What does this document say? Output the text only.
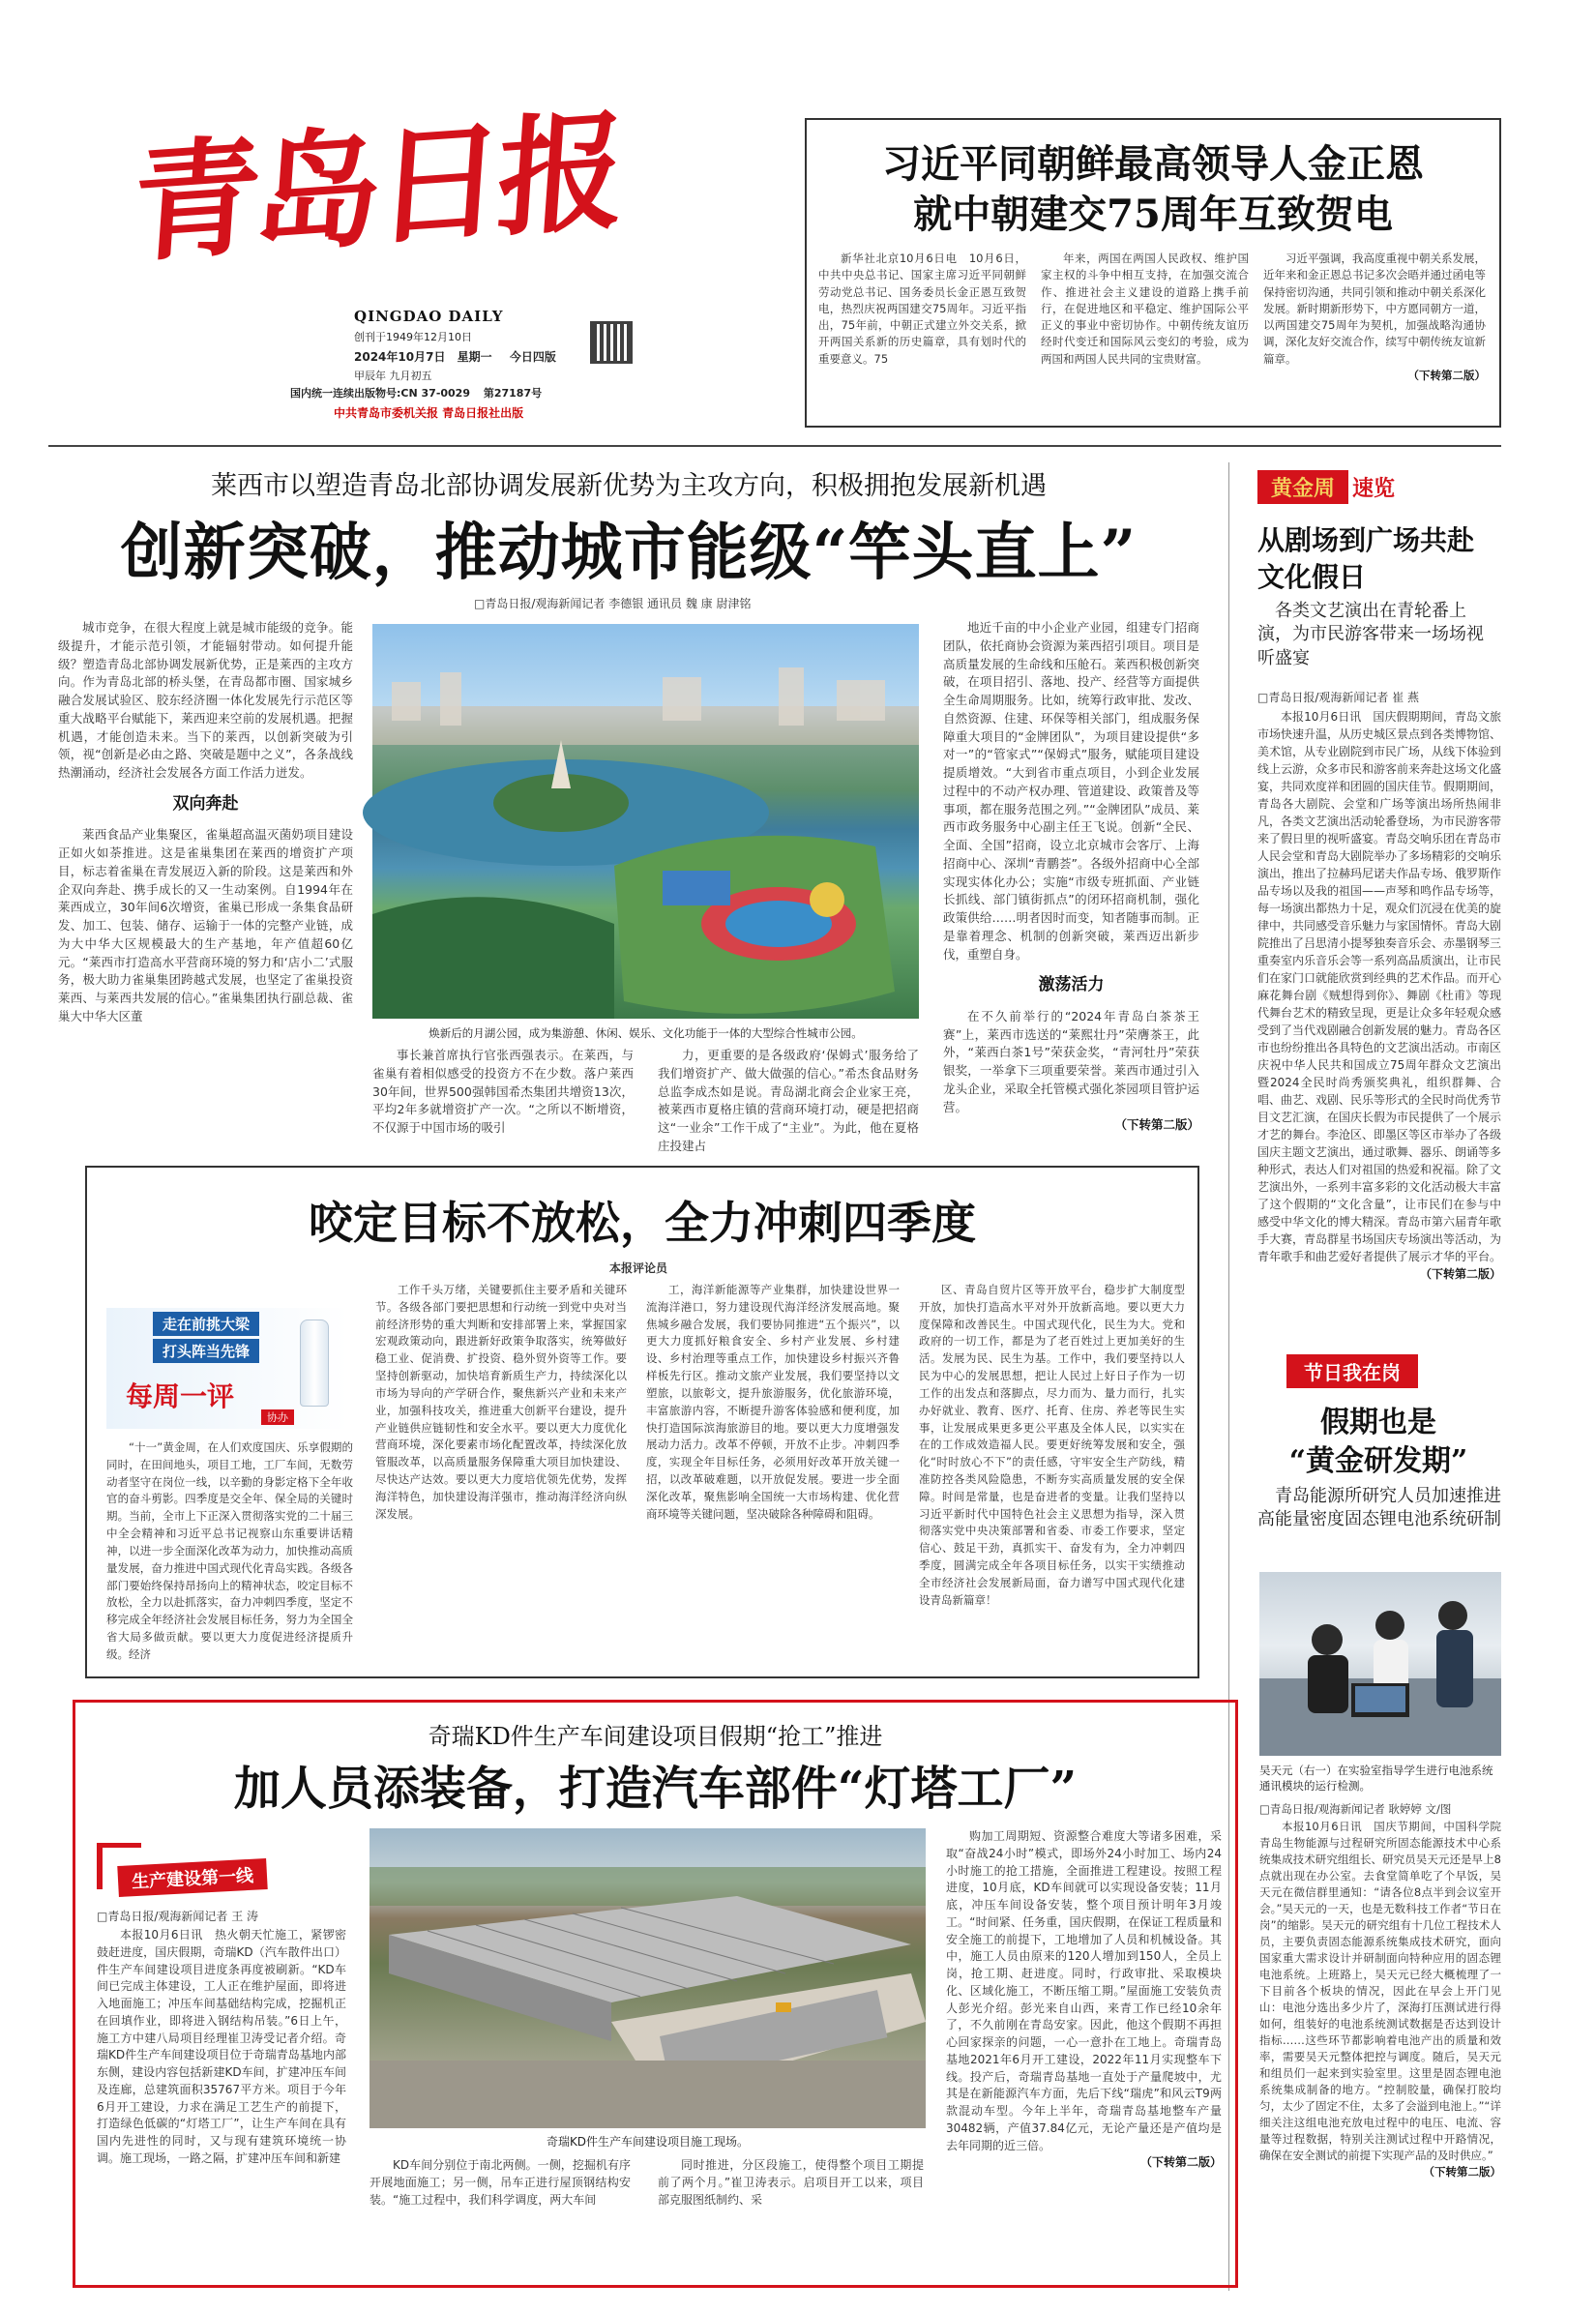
青岛日报
QINGDAO DAILY
创刊于1949年12月10日
2024年10月7日 星期一 今日四版
甲辰年 九月初五
国内统一连续出版物号:CN 37-0029 第27187号
中共青岛市委机关报 青岛日报社出版
习近平同朝鲜最高领导人金正恩
就中朝建交75周年互致贺电

新华社北京10月6日电　10月6日，中共中央总书记、国家主席习近平同朝鲜劳动党总书记、国务委员长金正恩互致贺电，热烈庆祝两国建交75周年。习近平指出，75年前，中朝正式建立外交关系，掀开两国关系新的历史篇章，具有划时代的重要意义。75

年来，两国在两国人民政权、维护国家主权的斗争中相互支持，在加强交流合作、推进社会主义建设的道路上携手前行，在促进地区和平稳定、维护国际公平正义的事业中密切协作。中朝传统友谊历经时代变迁和国际风云变幻的考验，成为两国和两国人民共同的宝贵财富。

习近平强调，我高度重视中朝关系发展，近年来和金正恩总书记多次会晤并通过函电等保持密切沟通，共同引领和推动中朝关系深化发展。新时期新形势下，中方愿同朝方一道，以两国建交75周年为契机，加强战略沟通协调，深化友好交流合作，续写中朝传统友谊新篇章。

（下转第二版）
莱西市以塑造青岛北部协调发展新优势为主攻方向，积极拥抱发展新机遇
创新突破，推动城市能级“竿头直上”
□青岛日报/观海新闻记者 李德银 通讯员 魏 康 尉津铭

城市竞争，在很大程度上就是城市能级的竞争。能级提升，才能示范引领，才能辐射带动。如何提升能级？塑造青岛北部协调发展新优势，正是莱西的主攻方向。作为青岛北部的桥头堡，在青岛都市圈、国家城乡融合发展试验区、胶东经济圈一体化发展先行示范区等重大战略平台赋能下，莱西迎来空前的发展机遇。把握机遇，才能创造未来。当下的莱西，以创新突破为引领，视“创新是必由之路、突破是题中之义”，各条战线热潮涌动，经济社会发展各方面工作活力迸发。

双向奔赴

莱西食品产业集聚区，雀巢超高温灭菌奶项目建设正如火如荼推进。这是雀巢集团在莱西的增资扩产项目，标志着雀巢在青发展迈入新的阶段。这是莱西和外企双向奔赴、携手成长的又一生动案例。自1994年在莱西成立，30年间6次增资，雀巢已形成一条集食品研发、加工、包装、储存、运输于一体的完整产业链，成为大中华大区规模最大的生产基地，年产值超60亿元。“莱西市打造高水平营商环境的努力和‘店小二’式服务，极大助力雀巢集团跨越式发展，也坚定了雀巢投资莱西、与莱西共发展的信心。”雀巢集团执行副总裁、雀巢大中华大区董

焕新后的月湖公园，成为集游憩、休闲、娱乐、文化功能于一体的大型综合性城市公园。

事长兼首席执行官张西强表示。在莱西，与雀巢有着相似感受的投资方不在少数。落户莱西30年间，世界500强韩国希杰集团共增资13次，平均2年多就增资扩产一次。“之所以不断增资，不仅源于中国市场的吸引

力，更重要的是各级政府‘保姆式’服务给了我们增资扩产、做大做强的信心。”希杰食品财务总监李成杰如是说。青岛湖北商会企业家王亮，被莱西市夏格庄镇的营商环境打动，硬是把招商这“一业余”工作干成了“主业”。为此，他在夏格庄投建占

地近千亩的中小企业产业园，组建专门招商团队，依托商协会资源为莱西招引项目。项目是高质量发展的生命线和压舱石。莱西积极创新突破，在项目招引、落地、投产、经营等方面提供全生命周期服务。比如，统筹行政审批、发改、自然资源、住建、环保等相关部门，组成服务保障重大项目的“金牌团队”，为项目建设提供“多对一”的“管家式”“保姆式”服务，赋能项目建设提质增效。“大到省市重点项目，小到企业发展过程中的不动产权办理、管道建设、政策普及等事项，都在服务范围之列。”“金牌团队”成员、莱西市政务服务中心副主任王飞说。创新“全民、全面、全国”招商，设立北京城市会客厅、上海招商中心、深圳“青鹏荟”。各级外招商中心全部实现实体化办公；实施“市级专班抓面、产业链长抓线、部门镇街抓点”的闭环招商机制，强化政策供给……明者因时而变，知者随事而制。正是靠着理念、机制的创新突破，莱西迈出新步伐，重塑自身。

激荡活力

在不久前举行的“2024年青岛白茶茶王赛”上，莱西市选送的“莱熙壮丹”荣膺茶王，此外，“莱西白茶1号”荣获金奖，“青河牡丹”荣获银奖，一举拿下三项重要荣誉。莱西市通过引入龙头企业，采取全托管模式强化茶园项目管护运营。

（下转第二版）
黄金周 速览
从剧场到广场共赴文化假日
各类文艺演出在青轮番上演，为市民游客带来一场场视听盛宴
□青岛日报/观海新闻记者 崔 燕

本报10月6日讯　国庆假期期间，青岛文旅市场快速升温，从历史城区景点到各类博物馆、美术馆，从专业剧院到市民广场，从线下体验到线上云游，众多市民和游客前来奔赴这场文化盛宴，共同欢度祥和团圆的国庆佳节。假期期间，青岛各大剧院、会堂和广场等演出场所热闹非凡，各类文艺演出活动轮番登场，为市民游客带来了假日里的视听盛宴。青岛交响乐团在青岛市人民会堂和青岛大剧院举办了多场精彩的交响乐演出，推出了拉赫玛尼诺夫作品专场、俄罗斯作品专场以及我的祖国——声琴和鸣作品专场等，每一场演出都热力十足，观众们沉浸在优美的旋律中，共同感受音乐魅力与家国情怀。青岛大剧院推出了吕思清小提琴独奏音乐会、赤墨钢琴三重奏室内乐音乐会等一系列高品质演出，让市民们在家门口就能欣赏到经典的艺术作品。而开心麻花舞台剧《贼想得到你》、舞剧《杜甫》等现代舞台艺术的精致呈现，更是让众多年轻观众感受到了当代戏剧融合创新发展的魅力。青岛各区市也纷纷推出各具特色的文艺演出活动。市南区庆祝中华人民共和国成立75周年群众文艺演出暨2024全民时尚秀颁奖典礼，组织群舞、合唱、曲艺、戏剧、民乐等形式的全民时尚优秀节目文艺汇演，在国庆长假为市民提供了一个展示才艺的舞台。李沧区、即墨区等区市举办了各级国庆主题文艺演出，通过歌舞、器乐、朗诵等多种形式，表达人们对祖国的热爱和祝福。除了文艺演出外，一系列丰富多彩的文化活动极大丰富了这个假期的“文化含量”，让市民们在参与中感受中华文化的博大精深。青岛市第六届青年歌手大赛，青岛群星书场国庆专场演出等活动，为青年歌手和曲艺爱好者提供了展示才华的平台。

（下转第二版）
咬定目标不放松，全力冲刺四季度
本报评论员
走在前挑大梁
打头阵当先锋
每周一评
协办

“十一”黄金周，在人们欢度国庆、乐享假期的同时，在田间地头，项目工地，工厂车间，无数劳动者坚守在岗位一线，以辛勤的身影定格下全年收官的奋斗剪影。四季度是交全年、保全局的关键时期。当前，全市上下正深入贯彻落实党的二十届三中全会精神和习近平总书记视察山东重要讲话精神，以进一步全面深化改革为动力，加快推动高质量发展，奋力推进中国式现代化青岛实践。各级各部门要始终保持昂扬向上的精神状态，咬定目标不放松，全力以赴抓落实，奋力冲刺四季度，坚定不移完成全年经济社会发展目标任务，努力为全国全省大局多做贡献。要以更大力度促进经济提质升级。经济

工作千头万绪，关键要抓住主要矛盾和关键环节。各级各部门要把思想和行动统一到党中央对当前经济形势的重大判断和安排部署上来，掌握国家宏观政策动向，跟进新好政策争取落实，统筹做好稳工业、促消费、扩投资、稳外贸外资等工作。要坚持创新驱动，加快培育新质生产力，持续深化以市场为导向的产学研合作，聚焦新兴产业和未来产业，加强科技攻关，推进重大创新平台建设，提升产业链供应链韧性和安全水平。要以更大力度优化营商环境，深化要素市场化配置改革，持续深化放管服改革，以高质量服务保障重大项目加快建设、尽快达产达效。要以更大力度培优领先优势，发挥海洋特色，加快建设海洋强市，推动海洋经济向纵深发展。

工，海洋新能源等产业集群，加快建设世界一流海洋港口，努力建设现代海洋经济发展高地。聚焦城乡融合发展，我们要协同推进“五个振兴”，以更大力度抓好粮食安全、乡村产业发展、乡村建设、乡村治理等重点工作，加快建设乡村振兴齐鲁样板先行区。推动文旅产业发展，我们要坚持以文塑旅，以旅彰文，提升旅游服务，优化旅游环境，丰富旅游内容，不断提升游客体验感和便利度，加快打造国际滨海旅游目的地。要以更大力度增强发展动力活力。改革不停顿，开放不止步。冲刺四季度，实现全年目标任务，必须用好改革开放关键一招，以改革破难题，以开放促发展。要进一步全面深化改革，聚焦影响全国统一大市场构建、优化营商环境等关键问题，坚决破除各种障碍和阻碍。

区、青岛自贸片区等开放平台，稳步扩大制度型开放，加快打造高水平对外开放新高地。要以更大力度保障和改善民生。中国式现代化，民生为大。党和政府的一切工作，都是为了老百姓过上更加美好的生活。发展为民、民生为基。工作中，我们要坚持以人民为中心的发展思想，把让人民过上好日子作为一切工作的出发点和落脚点，尽力而为、量力而行，扎实办好就业、教育、医疗、托育、住房、养老等民生实事，让发展成果更多更公平惠及全体人民，以实实在在的工作成效造福人民。要更好统筹发展和安全，强化“时时放心不下”的责任感，守牢安全生产防线，精准防控各类风险隐患，不断夯实高质量发展的安全保障。时间是常量，也是奋进者的变量。让我们坚持以习近平新时代中国特色社会主义思想为指导，深入贯彻落实党中央决策部署和省委、市委工作要求，坚定信心、鼓足干劲，真抓实干、奋发有为，全力冲刺四季度，圆满完成全年各项目标任务，以实干实绩推动全市经济社会发展新局面，奋力谱写中国式现代化建设青岛新篇章！

节日我在岗
假期也是
“黄金研发期”
青岛能源所研究人员加速推进高能量密度固态锂电池系统研制
吴天元（右一）在实验室指导学生进行电池系统通讯模块的运行检测。
□青岛日报/观海新闻记者 耿婷婷 文/图

本报10月6日讯　国庆节期间，中国科学院青岛生物能源与过程研究所固态能源技术中心系统集成技术研究组组长、研究员吴天元还是早上8点就出现在办公室。去食堂简单吃了个早饭，吴天元在微信群里通知：“请各位8点半到会议室开会。”吴天元的一天，也是无数科技工作者“节日在岗”的缩影。吴天元的研究组有十几位工程技术人员，主要负责固态能源系统集成技术研究，面向国家重大需求设计并研制面向特种应用的固态锂电池系统。上班路上，吴天元已经大概梳理了一下目前各个板块的情况，因此在早会上开门见山：电池分选出多少片了，深海打压测试进行得如何，组装好的电池系统测试数据是否达到设计指标……这些环节都影响着电池产出的质量和效率，需要吴天元整体把控与调度。随后，吴天元和组员们一起来到实验室里。这里是固态锂电池系统集成制备的地方。“控制胶量，确保打胶均匀，太少了固定不住，太多了会溢到电池上。”“详细关注这组电池充放电过程中的电压、电流、容量等过程数据，特别关注测试过程中开路情况，确保在安全测试的前提下实现产品的及时供应。”

（下转第二版）
奇瑞KD件生产车间建设项目假期“抢工”推进
加人员添装备，打造汽车部件“灯塔工厂”
生产建设第一线
□青岛日报/观海新闻记者 王 涛

本报10月6日讯　热火朝天忙施工，紧锣密鼓赶进度，国庆假期，奇瑞KD（汽车散件出口）件生产车间建设项目进度条再度被刷新。“KD车间已完成主体建设，工人正在维护屋面，即将进入地面施工；冲压车间基础结构完成，挖掘机正在回填作业，即将进入钢结构吊装。”6日上午，施工方中建八局项目经理崔卫涛受记者介绍。奇瑞KD件生产车间建设项目位于奇瑞青岛基地内部东侧，建设内容包括新建KD车间，扩建冲压车间及连廊，总建筑面积35767平方米。项目于今年6月开工建设，力求在满足工艺生产的前提下，打造绿色低碳的“灯塔工厂”，让生产车间在具有国内先进性的同时，又与现有建筑环境统一协调。施工现场，一路之隔，扩建冲压车间和新建

奇瑞KD件生产车间建设项目施工现场。

KD车间分别位于南北两侧。一侧，挖掘机有序开展地面施工；另一侧，吊车正进行屋顶钢结构安装。“施工过程中，我们科学调度，两大车间

同时推进，分区段施工，使得整个项目工期提前了两个月。”崔卫涛表示。启项目开工以来，项目部克服图纸制约、采

购加工周期短、资源整合难度大等诸多困难，采取“奋战24小时”模式，即场外24小时加工、场内24小时施工的抢工措施，全面推进工程建设。按照工程进度，10月底，KD车间就可以实现设备安装；11月底，冲压车间设备安装，整个项目预计明年3月竣工。“时间紧、任务重，国庆假期，在保证工程质量和安全施工的前提下，工地增加了人员和机械设备。其中，施工人员由原来的120人增加到150人，全员上岗，抢工期、赶进度。同时，行政审批、采取模块化、区域化施工，不断压缩工期。”屋面施工安装负责人彭光介绍。彭光来自山西，来青工作已经10余年了，不久前刚在青岛安家。因此，他这个假期不再担心回家探亲的问题，一心一意扑在工地上。奇瑞青岛基地2021年6月开工建设，2022年11月实现整车下线。投产后，奇瑞青岛基地一直处于产量爬坡中，尤其是在新能源汽车方面，先后下线“瑞虎”和风云T9两款混动车型。今年上半年，奇瑞青岛基地整车产量30482辆，产值37.84亿元，无论产量还是产值均是去年同期的近三倍。

（下转第二版）
